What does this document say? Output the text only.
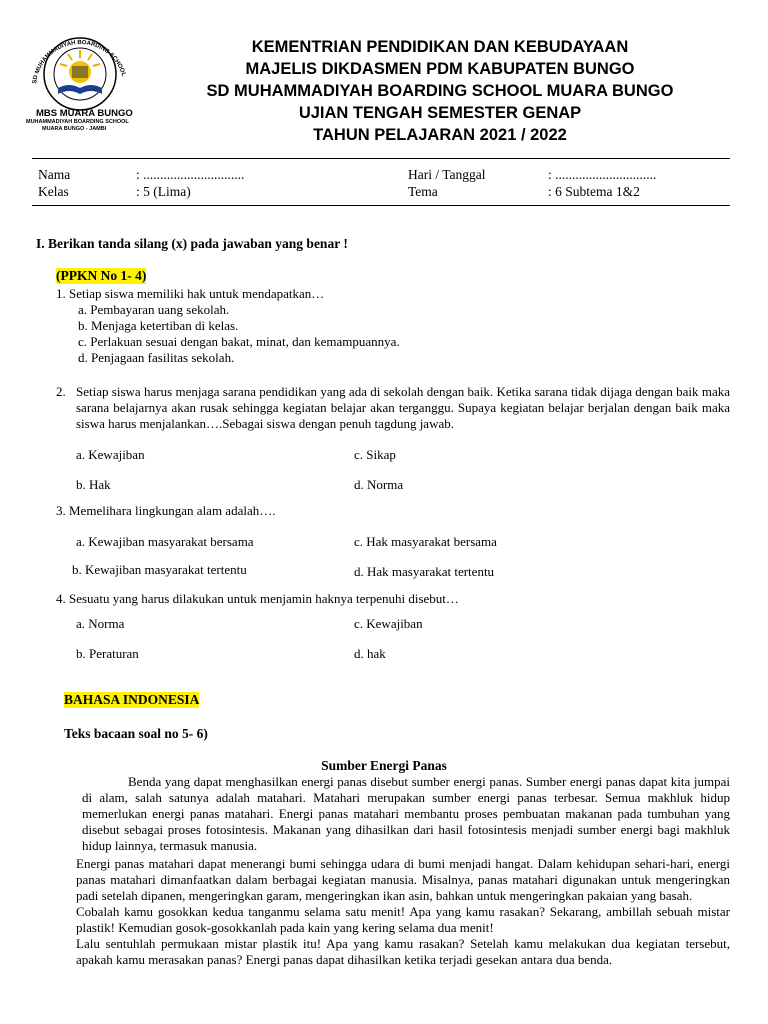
SD MUHAMMADIYAH BOARDING SCHOOL
MBS MUARA BUNGO
MUHAMMADIYAH BOARDING SCHOOL
MUARA BUNGO - JAMBI
KEMENTRIAN PENDIDIKAN DAN KEBUDAYAAN
MAJELIS DIKDASMEN PDM KABUPATEN BUNGO
SD MUHAMMADIYAH BOARDING SCHOOL MUARA BUNGO
UJIAN TENGAH SEMESTER GENAP
TAHUN PELAJARAN 2021 / 2022
Nama	: ..............................
Kelas	: 5 (Lima)
Hari / Tanggal	: ..............................
Tema	: 6 Subtema 1&2
I. Berikan tanda silang (x) pada jawaban yang benar !
(PPKN No 1- 4)
1. Setiap siswa memiliki hak untuk mendapatkan…
a. Pembayaran uang sekolah.
b. Menjaga ketertiban di kelas.
c. Perlakuan sesuai dengan bakat, minat, dan kemampuannya.
d. Penjagaan fasilitas sekolah.
2. Setiap siswa harus menjaga sarana pendidikan yang ada di sekolah dengan baik. Ketika sarana tidak dijaga dengan baik maka sarana belajarnya akan rusak sehingga kegiatan belajar akan terganggu. Supaya kegiatan belajar berjalan dengan baik maka siswa harus menjalankan….Sebagai siswa dengan penuh tagdung jawab.
a. Kewajiban	c. Sikap
b. Hak	d. Norma
3. Memelihara lingkungan alam adalah….
a. Kewajiban masyarakat bersama	c. Hak masyarakat bersama
b. Kewajiban masyarakat tertentu	d. Hak masyarakat tertentu
4. Sesuatu yang harus dilakukan untuk menjamin haknya terpenuhi disebut…
a. Norma	c. Kewajiban
b. Peraturan	d. hak
BAHASA INDONESIA
Teks bacaan soal no 5- 6)
Sumber Energi Panas

Benda yang dapat menghasilkan energi panas disebut sumber energi panas. Sumber energi panas dapat kita jumpai di alam, salah satunya adalah matahari. Matahari merupakan sumber energi panas terbesar. Semua makhluk hidup memerlukan energi panas matahari. Energi panas matahari membantu proses pembuatan makanan pada tumbuhan yang disebut sebagai proses fotosintesis. Makanan yang dihasilkan dari hasil fotosintesis menjadi sumber energi bagi makhluk hidup lainnya, termasuk manusia.

Energi panas matahari dapat menerangi bumi sehingga udara di bumi menjadi hangat. Dalam kehidupan sehari-hari, energi panas matahari dimanfaatkan dalam berbagai kegiatan manusia. Misalnya, panas matahari digunakan untuk mengeringkan padi setelah dipanen, mengeringkan garam, mengeringkan ikan asin, bahkan untuk mengeringkan pakaian yang basah.

Cobalah kamu gosokkan kedua tanganmu selama satu menit! Apa yang kamu rasakan? Sekarang, ambillah sebuah mistar plastik! Kemudian gosok-gosokkanlah pada kain yang kering selama dua menit!

Lalu sentuhlah permukaan mistar plastik itu! Apa yang kamu rasakan? Setelah kamu melakukan dua kegiatan tersebut, apakah kamu merasakan panas? Energi panas dapat dihasilkan ketika terjadi gesekan antara dua benda.
